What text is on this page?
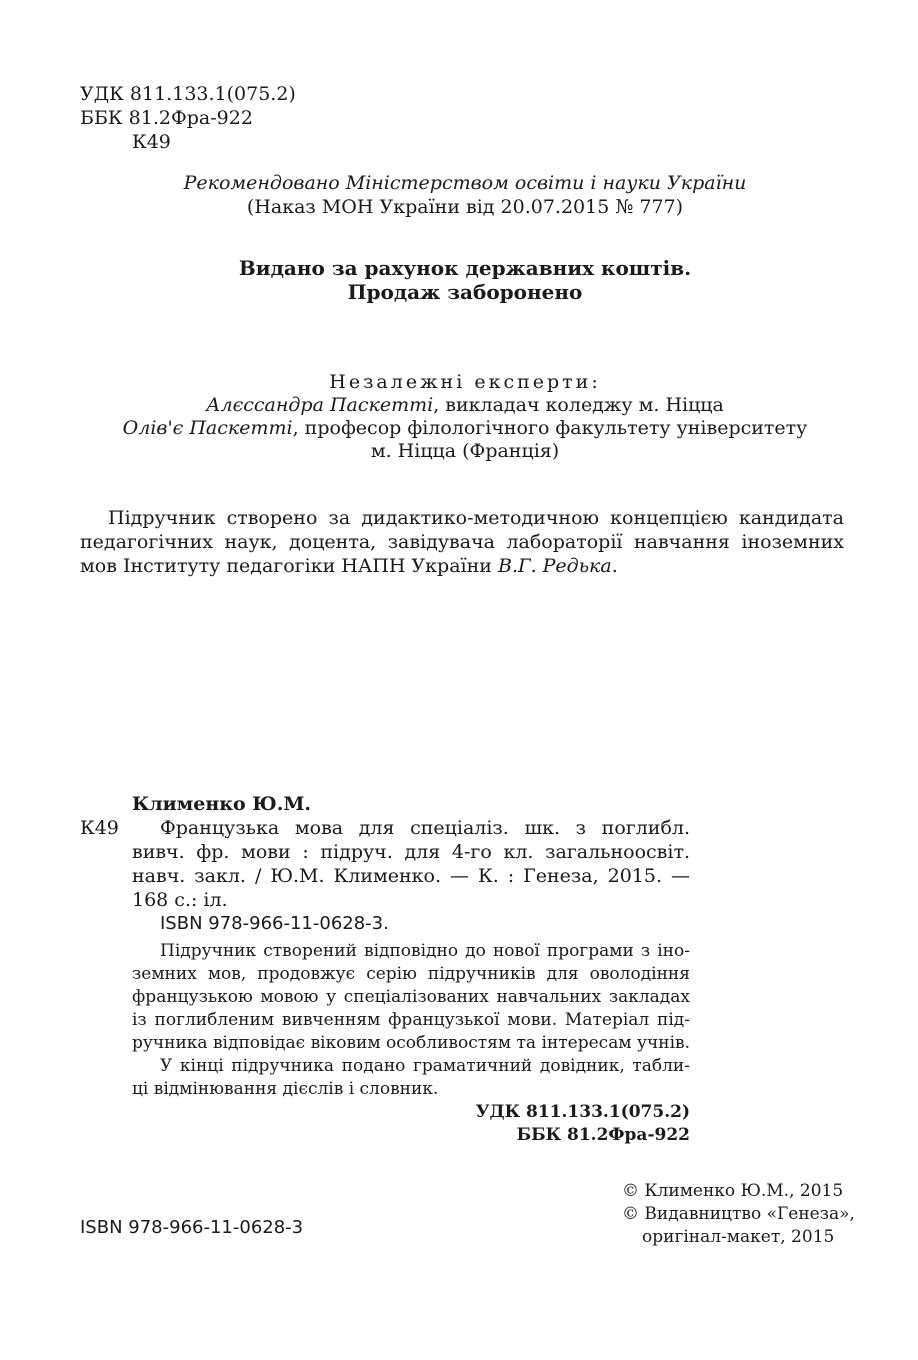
УДК 811.133.1(075.2)
ББК 81.2Фра-922
К49
Рекомендовано Міністерством освіти і науки України
(Наказ МОН України від 20.07.2015 № 777)
Видано за рахунок державних коштів.
Продаж заборонено
Незалежні експерти:
Алєссандра Паскетті, викладач коледжу м. Ніцца
Олів'є Паскетті, професор філологічного факультету університету
м. Ніцца (Франція)
Підручник створено за дидактико-методичною концепцією кандидата
педагогічних наук, доцента, завідувача лабораторії навчання іноземних
мов Інституту педагогіки НАПН України В.Г. Редька.
Клименко Ю.М.
К49 Французька мова для спеціаліз. шк. з поглибл.
вивч. фр. мови : підруч. для 4-го кл. загальноосвіт.
навч. закл. / Ю.М. Клименко. — К. : Генеза, 2015. —
168 с.: іл.
ISBN 978-966-11-0628-3.
Підручник створений відповідно до нової програми з іно-
земних мов, продовжує серію підручників для оволодіння
французькою мовою у спеціалізованих навчальних закладах
із поглибленим вивченням французької мови. Матеріал під-
ручника відповідає віковим особливостям та інтересам учнів.
У кінці підручника подано граматичний довідник, табли-
ці відмінювання дієслів і словник.
УДК 811.133.1(075.2)
ББК 81.2Фра-922
ISBN 978-966-11-0628-3
© Клименко Ю.М., 2015
© Видавництво «Генеза»,
оригінал-макет, 2015
